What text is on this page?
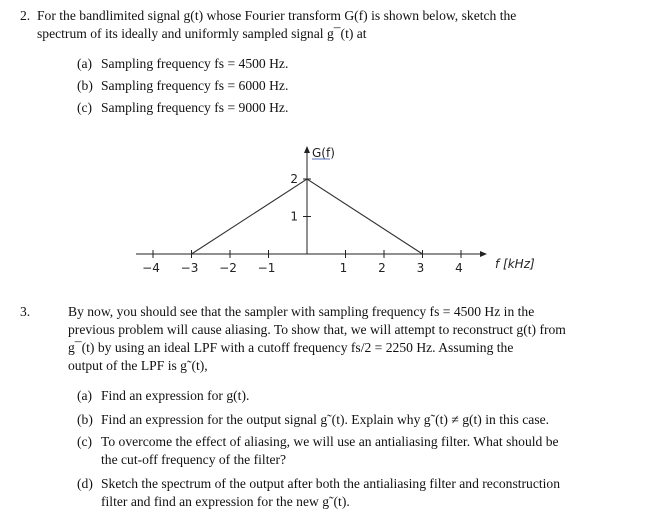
2. For the bandlimited signal g(t) whose Fourier transform G(f) is shown below, sketch the
spectrum of its ideally and uniformly sampled signal g¯(t) at
(a) Sampling frequency fs = 4500 Hz.
(b) Sampling frequency fs = 6000 Hz.
(c) Sampling frequency fs = 9000 Hz.
−4 −3 −2 −1	1	2	3	4
2
1
G(f)
f [kHz]
3.	By now, you should see that the sampler with sampling frequency fs = 4500 Hz in the
previous problem will cause aliasing. To show that, we will attempt to reconstruct g(t) from
g¯(t) by using an ideal LPF with a cutoff frequency fs/2 = 2250 Hz. Assuming the
output of the LPF is g˜(t),
(a) Find an expression for g(t).
(b) Find an expression for the output signal g˜(t). Explain why g˜(t) ≠ g(t) in this case.
(c) To overcome the effect of aliasing, we will use an antialiasing filter. What should be
the cut-off frequency of the filter?
(d) Sketch the spectrum of the output after both the antialiasing filter and reconstruction
filter and find an expression for the new g˜(t).
